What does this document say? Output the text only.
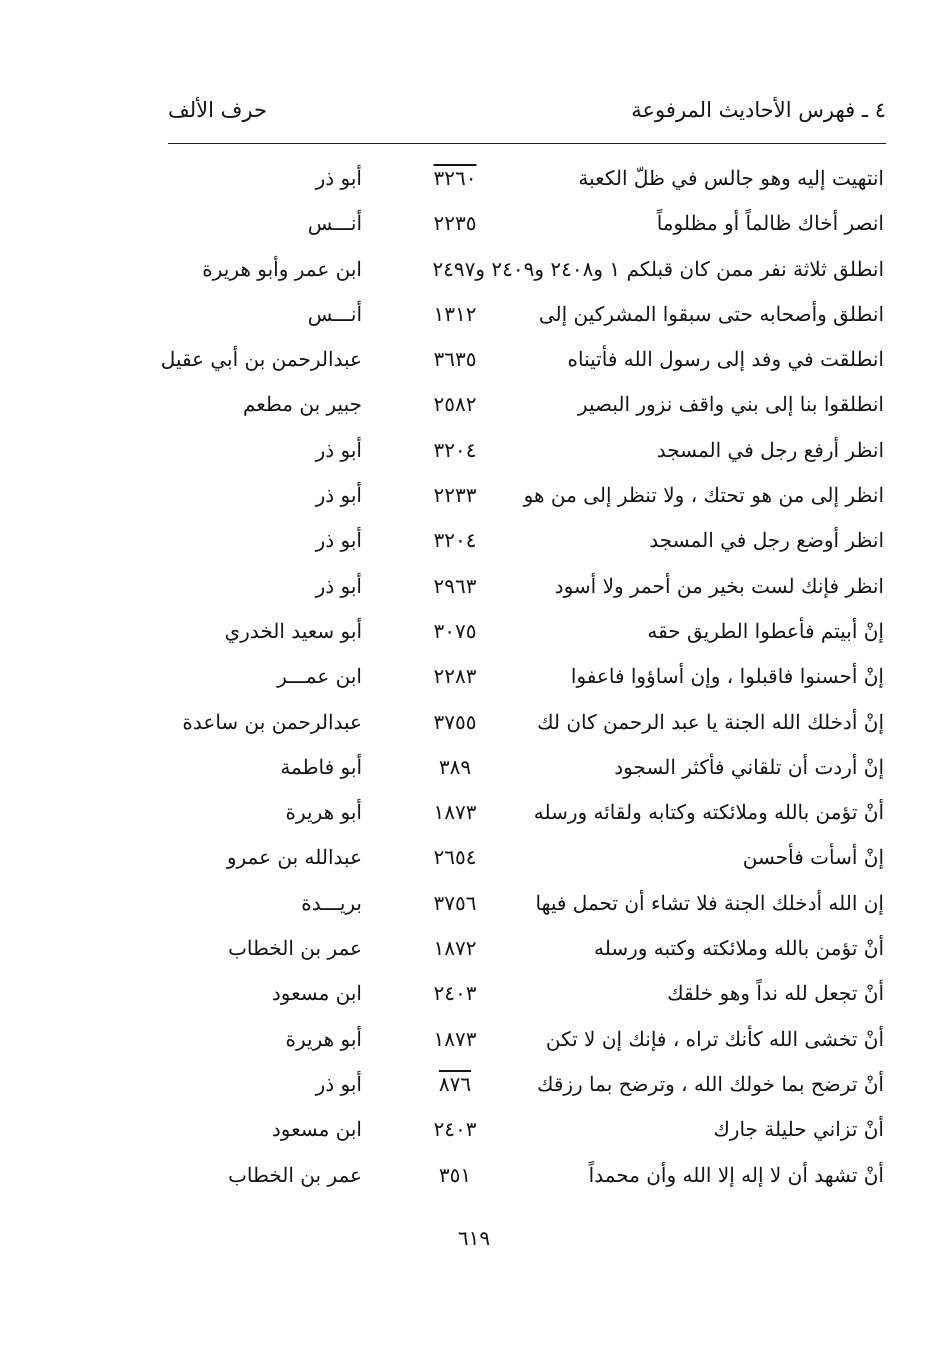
٤ ـ فهرس الأحاديث المرفوعة
حرف الألف
انتهيت إليه وهو جالس في ظلّ الكعبة
٣٢٦٠
أبو ذر
انصر أخاك ظالماً أو مظلوماً
٢٢٣٥
أنـــس
انطلق ثلاثة نفر ممن كان قبلكم ١ و٢٤٠٨ و٢٤٠٩ و٢٤٩٧
ابن عمر وأبو هريرة
انطلق وأصحابه حتى سبقوا المشركين إلى
١٣١٢
أنـــس
انطلقت في وفد إلى رسول الله فأتيناه
٣٦٣٥
عبدالرحمن بن أبي عقيل
انطلقوا بنا إلى بني واقف نزور البصير
٢٥٨٢
جبير بن مطعم
انظر أرفع رجل في المسجد
٣٢٠٤
أبو ذر
انظر إلى من هو تحتك ، ولا تنظر إلى من هو
٢٢٣٣
أبو ذر
انظر أوضع رجل في المسجد
٣٢٠٤
أبو ذر
انظر فإنك لست بخير من أحمر ولا أسود
٢٩٦٣
أبو ذر
إنْ أبيتم فأعطوا الطريق حقه
٣٠٧٥
أبو سعيد الخدري
إنْ أحسنوا فاقبلوا ، وإن أساؤوا فاعفوا
٢٢٨٣
ابن عمـــر
إنْ أدخلك الله الجنة يا عبد الرحمن كان لك
٣٧٥٥
عبدالرحمن بن ساعدة
إنْ أردت أن تلقاني فأكثر السجود
٣٨٩
أبو فاطمة
أنْ تؤمن بالله وملائكته وكتابه ولقائه ورسله
١٨٧٣
أبو هريرة
إنْ أسأت فأحسن
٢٦٥٤
عبدالله بن عمرو
إن الله أدخلك الجنة فلا تشاء أن تحمل فيها
٣٧٥٦
بريـــدة
أنْ تؤمن بالله وملائكته وكتبه ورسله
١٨٧٢
عمر بن الخطاب
أنْ تجعل لله نداً وهو خلقك
٢٤٠٣
ابن مسعود
أنْ تخشى الله كأنك تراه ، فإنك إن لا تكن
١٨٧٣
أبو هريرة
أنْ ترضح بما خولك الله ، وترضح بما رزقك
٨٧٦
أبو ذر
أنْ تزاني حليلة جارك
٢٤٠٣
ابن مسعود
أنْ تشهد أن لا إله إلا الله وأن محمداً
٣٥١
عمر بن الخطاب
٦١٩
